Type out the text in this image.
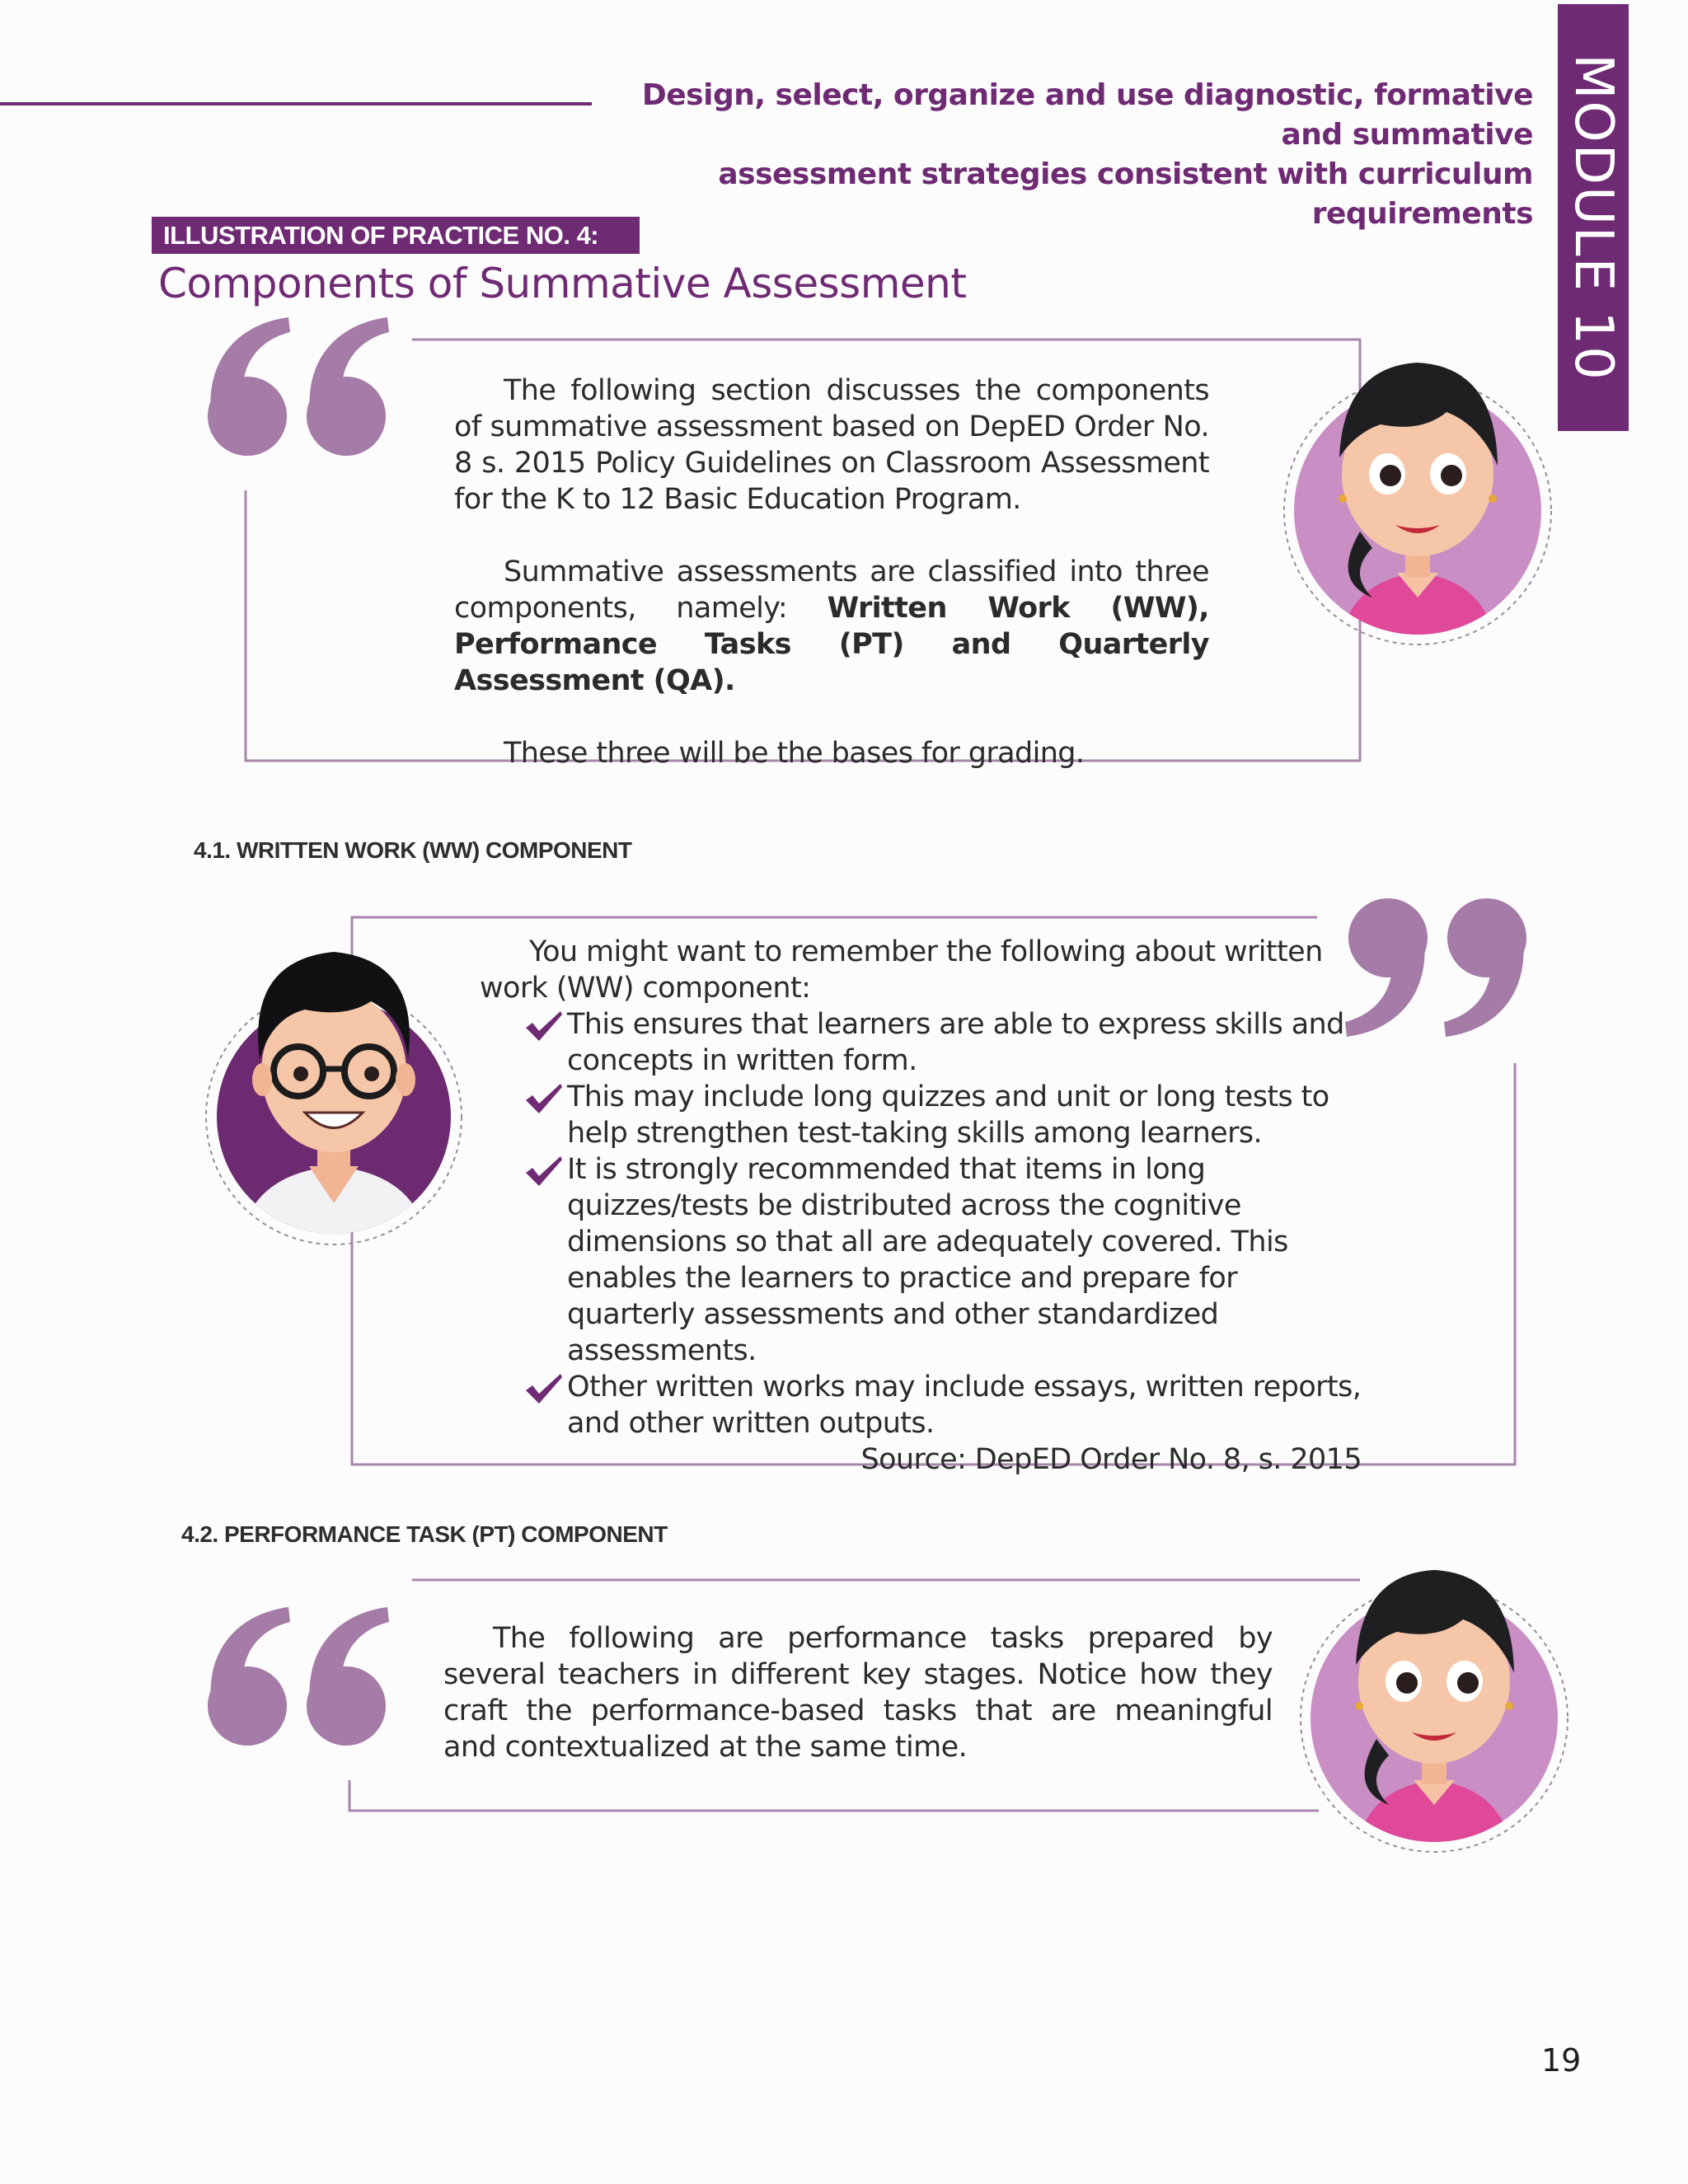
Design, select, organize and use diagnostic, formative and summative
assessment strategies consistent with curriculum requirements MODULE 10
ILLUSTRATION OF PRACTICE NO. 4:
Components of Summative Assessment

The following section discusses the components of summative assessment based on DepED Order No. 8 s. 2015 Policy Guidelines on Classroom Assessment for the K to 12 Basic Education Program.

Summative assessments are classified into three components, namely: Written Work (WW), Performance Tasks (PT) and Quarterly Assessment (QA).

These three will be the bases for grading.

4.1. WRITTEN WORK (WW) COMPONENT
You might want to remember the following about written work (WW) component:
This ensures that learners are able to express skills and concepts in written form.
This may include long quizzes and unit or long tests to help strengthen test-taking skills among learners.
It is strongly recommended that items in long quizzes/tests be distributed across the cognitive dimensions so that all are adequately covered. This enables the learners to practice and prepare for quarterly assessments and other standardized assessments.
Other written works may include essays, written reports, and other written outputs.
Source: DepED Order No. 8, s. 2015
4.2. PERFORMANCE TASK (PT) COMPONENT

The following are performance tasks prepared by several teachers in different key stages. Notice how they craft the performance-based tasks that are meaningful and contextualized at the same time.

19
